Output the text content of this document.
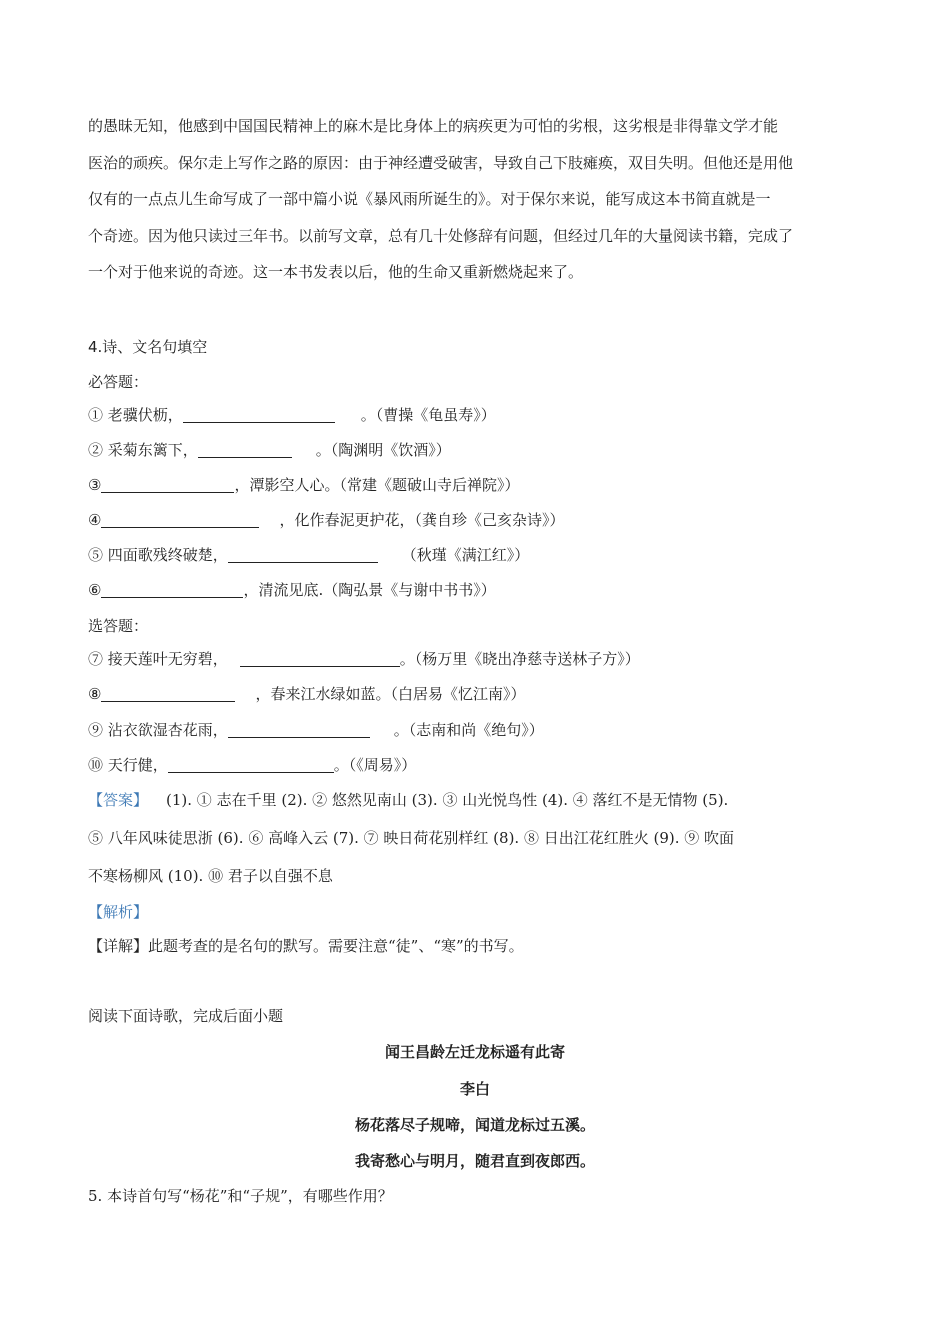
的愚昧无知，他感到中国国民精神上的麻木是比身体上的病疾更为可怕的劣根，这劣根是非得靠文学才能

医治的顽疾。保尔走上写作之路的原因：由于神经遭受破害，导致自己下肢瘫痪，双目失明。但他还是用他

仅有的一点点儿生命写成了一部中篇小说《暴风雨所诞生的》。对于保尔来说，能写成这本书简直就是一

个奇迹。因为他只读过三年书。以前写文章，总有几十处修辞有问题，但经过几年的大量阅读书籍，完成了

一个对于他来说的奇迹。这一本书发表以后，他的生命又重新燃烧起来了。

4.诗、文名句填空
必答题：
① 老骥伏枥，	。（曹操《龟虽寿》）
② 采菊东篱下，	。（陶渊明《饮酒》）
③	，潭影空人心。（常建《题破山寺后禅院》）
④	，化作春泥更护花，（龚自珍《己亥杂诗》）
⑤ 四面歌残终破楚，	（秋瑾《满江红》）
⑥	，清流见底.（陶弘景《与谢中书书》）
选答题：
⑦ 接天莲叶无穷碧，	。（杨万里《晓出净慈寺送林子方》）
⑧	，春来江水绿如蓝。（白居易《忆江南》）
⑨ 沾衣欲湿杏花雨，	。（志南和尚《绝句》）
⑩ 天行健，	。（《周易》）

【答案】 (1). ① 志在千里 (2). ② 悠然见南山 (3). ③ 山光悦鸟性 (4). ④ 落红不是无情物 (5).

⑤ 八年风味徒思浙 (6). ⑥ 高峰入云 (7). ⑦ 映日荷花别样红 (8). ⑧ 日出江花红胜火 (9). ⑨ 吹面

不寒杨柳风 (10). ⑩ 君子以自强不息

【解析】
【详解】此题考查的是名句的默写。需要注意“徒”、“寒”的书写。
阅读下面诗歌，完成后面小题
闻王昌龄左迁龙标遥有此寄
李白
杨花落尽子规啼，闻道龙标过五溪。
我寄愁心与明月，随君直到夜郎西。
5. 本诗首句写“杨花”和“子规”，有哪些作用？
